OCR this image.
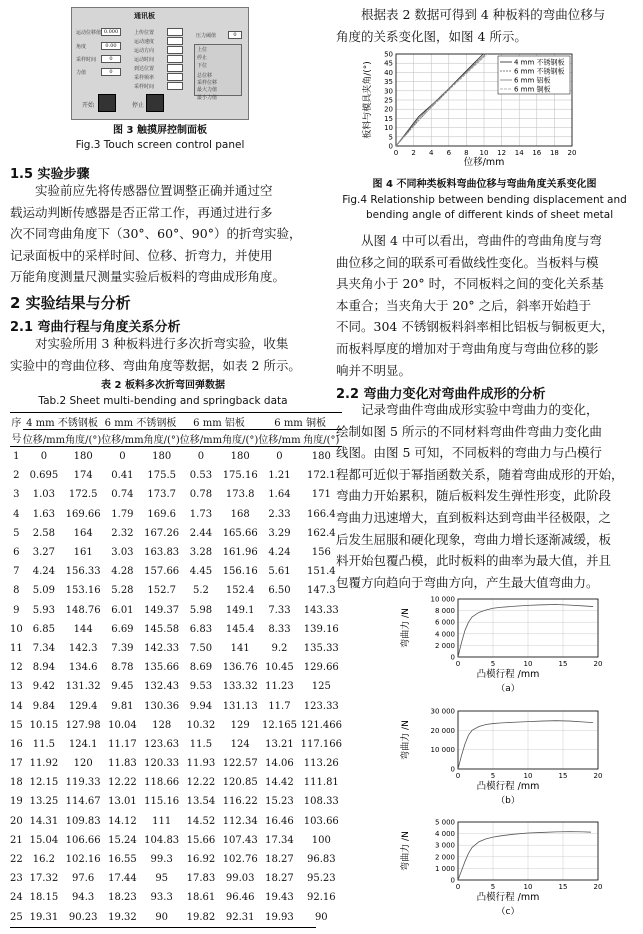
通讯板
运动位移值 0.000
角度	0.00
采样时间	0
力值	0
上传位置
运动速度
运动方向
运动时间
到达位置
采样频率
采样时间
压力阈值	0
上位
停止
下位
总位移
采样位移
最大力值
最小力值
开始	停止
图 3 触摸屏控制面板
Fig.3 Touch screen control panel
1.5 实验步骤
实验前应先将传感器位置调整正确并通过空
载运动判断传感器是否正常工作，再通过进行多
次不同弯曲角度下（30°、60°、90°）的折弯实验，
记录面板中的采样时间、位移、折弯力，并使用
万能角度测量尺测量实验后板料的弯曲成形角度。
2 实验结果与分析
2.1 弯曲行程与角度关系分析
对实验所用 3 种板料进行多次折弯实验，收集
实验中的弯曲位移、弯曲角度等数据，如表 2 所示。
表 2 板料多次折弯回弹数据
Tab.2 Sheet multi-bending and springback data
序	4 mm 不锈钢板		6 mm 不锈钢板		6 mm 铝板		6 mm 铜板	
号	位移/mm	角度/(°)	位移/mm	角度/(°)	位移/mm	角度/(°)	位移/mm	角度/(°)
1	0	180	0	180	0	180	0	180
2	0.695	174	0.41	175.5	0.53	175.16	1.21	172.1
3	1.03	172.5	0.74	173.7	0.78	173.8	1.64	171
4	1.63	169.66	1.79	169.6	1.73	168	2.33	166.4
5	2.58	164	2.32	167.26	2.44	165.66	3.29	162.4
6	3.27	161	3.03	163.83	3.28	161.96	4.24	156
7	4.24	156.33	4.28	157.66	4.45	156.16	5.61	151.4
8	5.09	153.16	5.28	152.7	5.2	152.4	6.50	147.3
9	5.93	148.76	6.01	149.37	5.98	149.1	7.33	143.33
10	6.85	144	6.69	145.58	6.83	145.4	8.33	139.16
11	7.34	142.3	7.39	142.33	7.50	141	9.2	135.33
12	8.94	134.6	8.78	135.66	8.69	136.76	10.45	129.66
13	9.42	131.32	9.45	132.43	9.53	133.32	11.23	125
14	9.84	129.4	9.81	130.36	9.94	131.13	11.7	123.33
15	10.15	127.98	10.04	128	10.32	129	12.165	121.466
16	11.5	124.1	11.17	123.63	11.5	124	13.21	117.166
17	11.92	120	11.83	120.33	11.93	122.57	14.06	113.26
18	12.15	119.33	12.22	118.66	12.22	120.85	14.42	111.81
19	13.25	114.67	13.01	115.16	13.54	116.22	15.23	108.33
20	14.31	109.83	14.12	111	14.52	112.34	16.46	103.66
21	15.04	106.66	15.24	104.83	15.66	107.43	17.34	100
22	16.2	102.16	16.55	99.3	16.92	102.76	18.27	96.83
23	17.32	97.6	17.44	95	17.83	99.03	18.27	95.23
24	18.15	94.3	18.23	93.3	18.61	96.46	19.43	92.16
25	19.31	90.23	19.32	90	19.82	92.31	19.93	90
根据表 2 数据可得到 4 种板料的弯曲位移与
角度的关系变化图，如图 4 所示。
0 2 4 6 8 10 12 14 16 18 20
0
5
10
15
20
25
30
35
40
45
50
位移/mm
板料与模具夹角/(°)	4 mm 不锈钢板
6 mm 不锈钢板
6 mm 铝板
6 mm 铜板
图 4 不同种类板料弯曲位移与弯曲角度关系变化图
Fig.4 Relationship between bending displacement and
bending angle of different kinds of sheet metal
从图 4 中可以看出，弯曲件的弯曲角度与弯
曲位移之间的联系可看做线性变化。当板料与模
具夹角小于 20° 时，不同板料之间的变化关系基
本重合；当夹角大于 20° 之后，斜率开始趋于
不同。304 不锈钢板料斜率相比铝板与铜板更大，
而板料厚度的增加对于弯曲角度与弯曲位移的影
响并不明显。
2.2 弯曲力变化对弯曲件成形的分析
记录弯曲件弯曲成形实验中弯曲力的变化，
绘制如图 5 所示的不同材料弯曲件弯曲力变化曲
线图。由图 5 可知，不同板料的弯曲力与凸模行
程都可近似于幂指函数关系，随着弯曲成形的开始，
弯曲力开始累积，随后板料发生弹性形变，此阶段
弯曲力迅速增大，直到板料达到弯曲半径极限，之
后发生屈服和硬化现象，弯曲力增长逐渐减缓，板
料开始包覆凸模，此时板料的曲率为最大值，并且
包覆方向趋向于弯曲方向，产生最大值弯曲力。
0	5	10	15	20
0
2 000
4 000
6 000
8 000
10 000
凸模行程 /mm
弯曲力 /N
（a）
0	5	10	15	20
0
10 000
20 000
30 000
凸模行程 /mm
弯曲力 /N
（b）
0	5	10	15	20
0
1 000
2 000
3 000
4 000
5 000
凸模行程 /mm
弯曲力 /N
（c）
